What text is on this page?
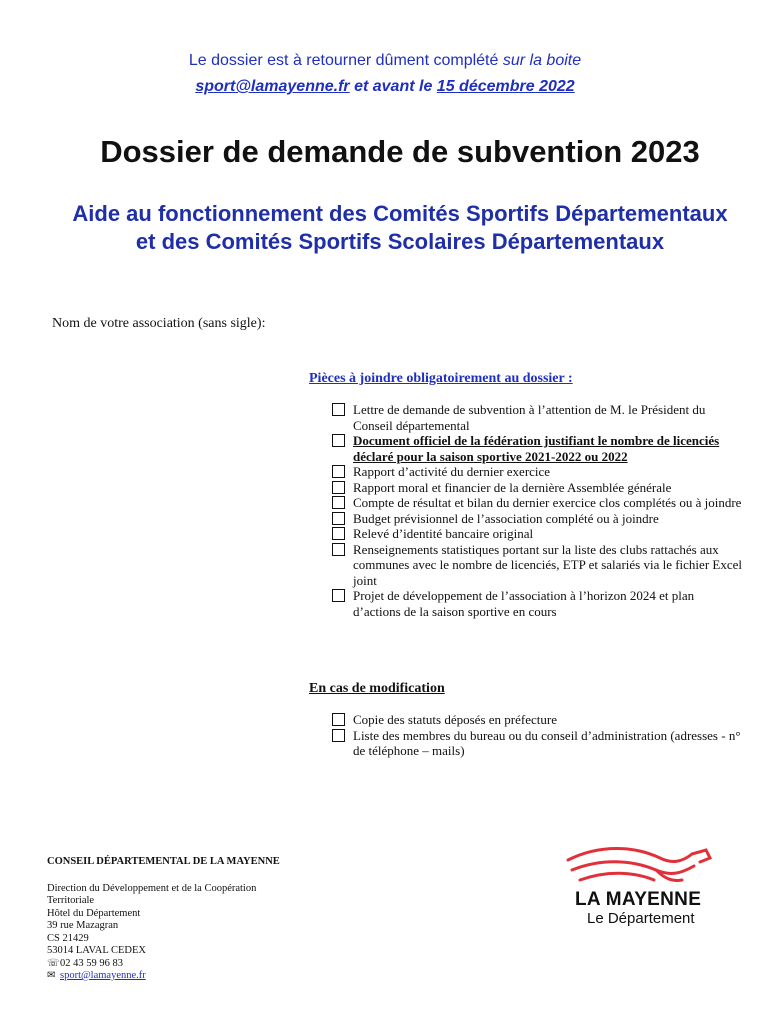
Le dossier est à retourner dûment complété sur la boite
sport@lamayenne.fr et avant le 15 décembre 2022
Dossier de demande de subvention 2023
Aide au fonctionnement des Comités Sportifs Départementaux et des Comités Sportifs Scolaires Départementaux
Nom de votre association (sans sigle):
Pièces à joindre obligatoirement au dossier :
Lettre de demande de subvention à l’attention de M. le Président du Conseil départemental
Document officiel de la fédération justifiant le nombre de licenciés déclaré pour la saison sportive 2021-2022 ou 2022
Rapport d’activité du dernier exercice
Rapport moral et financier de la dernière Assemblée générale
Compte de résultat et bilan du dernier exercice clos complétés ou à joindre
Budget prévisionnel de l’association complété ou à joindre
Relevé d’identité bancaire original
Renseignements statistiques portant sur la liste des clubs rattachés aux communes avec le nombre de licenciés, ETP et salariés via le fichier Excel joint
Projet de développement de l’association à l’horizon 2024 et plan d’actions de la saison sportive en cours
En cas de modification
Copie des statuts déposés en préfecture
Liste des membres du bureau ou du conseil d’administration (adresses - n° de téléphone – mails)
CONSEIL DÉPARTEMENTAL DE LA MAYENNE
Direction du Développement et de la Coopération Territoriale
Hôtel du Département
39 rue Mazagran
CS 21429
53014 LAVAL CEDEX
☏02 43 59 96 83
✉ sport@lamayenne.fr
LA MAYENNE
Le Département
